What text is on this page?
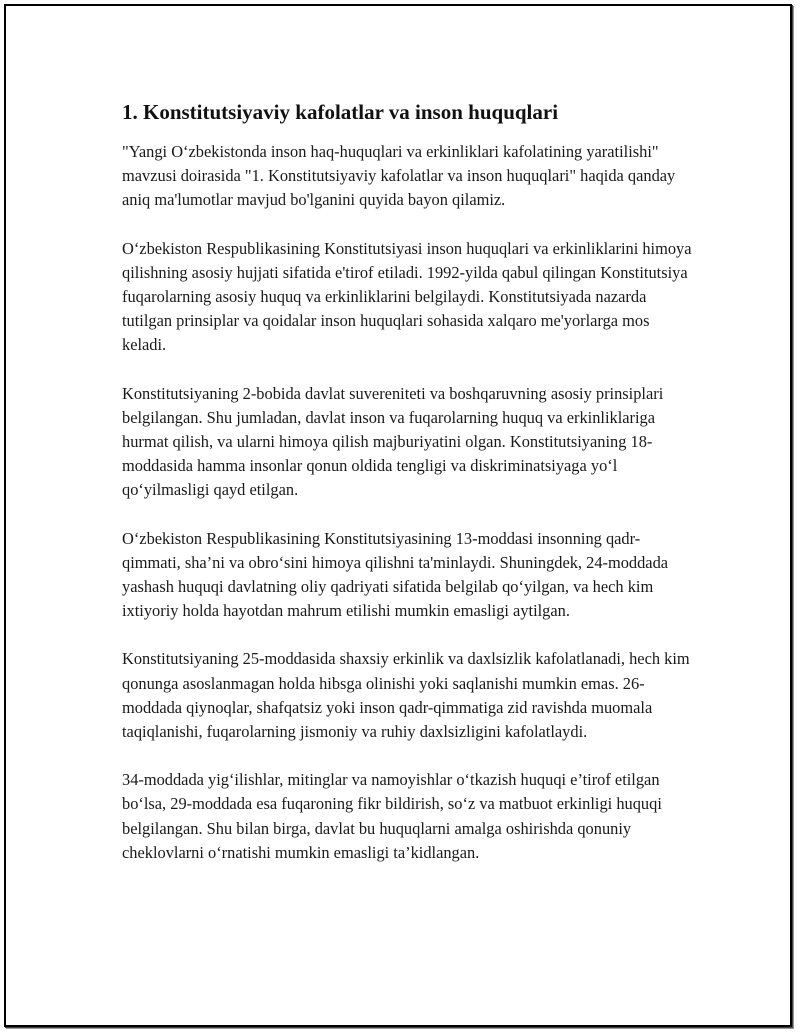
1. Konstitutsiyaviy kafolatlar va inson huquqlari

"Yangi O‘zbekistonda inson haq-huquqlari va erkinliklari kafolatining yaratilishi" mavzusi doirasida "1. Konstitutsiyaviy kafolatlar va inson huquqlari" haqida qanday aniq ma'lumotlar mavjud bo'lganini quyida bayon qilamiz.

O‘zbekiston Respublikasining Konstitutsiyasi inson huquqlari va erkinliklarini himoya qilishning asosiy hujjati sifatida e'tirof etiladi. 1992-yilda qabul qilingan Konstitutsiya fuqarolarning asosiy huquq va erkinliklarini belgilaydi. Konstitutsiyada nazarda tutilgan prinsiplar va qoidalar inson huquqlari sohasida xalqaro me'yorlarga mos keladi.

Konstitutsiyaning 2-bobida davlat suvereniteti va boshqaruvning asosiy prinsiplari belgilangan. Shu jumladan, davlat inson va fuqarolarning huquq va erkinliklariga hurmat qilish, va ularni himoya qilish majburiyatini olgan. Konstitutsiyaning 18-moddasida hamma insonlar qonun oldida tengligi va diskriminatsiyaga yo‘l qo‘yilmasligi qayd etilgan.

O‘zbekiston Respublikasining Konstitutsiyasining 13-moddasi insonning qadr-qimmati, sha’ni va obro‘sini himoya qilishni ta'minlaydi. Shuningdek, 24-moddada yashash huquqi davlatning oliy qadriyati sifatida belgilab qo‘yilgan, va hech kim ixtiyoriy holda hayotdan mahrum etilishi mumkin emasligi aytilgan.

Konstitutsiyaning 25-moddasida shaxsiy erkinlik va daxlsizlik kafolatlanadi, hech kim qonunga asoslanmagan holda hibsga olinishi yoki saqlanishi mumkin emas. 26-moddada qiynoqlar, shafqatsiz yoki inson qadr-qimmatiga zid ravishda muomala taqiqlanishi, fuqarolarning jismoniy va ruhiy daxlsizligini kafolatlaydi.

34-moddada yig‘ilishlar, mitinglar va namoyishlar o‘tkazish huquqi e’tirof etilgan bo‘lsa, 29-moddada esa fuqaroning fikr bildirish, so‘z va matbuot erkinligi huquqi belgilangan. Shu bilan birga, davlat bu huquqlarni amalga oshirishda qonuniy cheklovlarni o‘rnatishi mumkin emasligi ta’kidlangan.
